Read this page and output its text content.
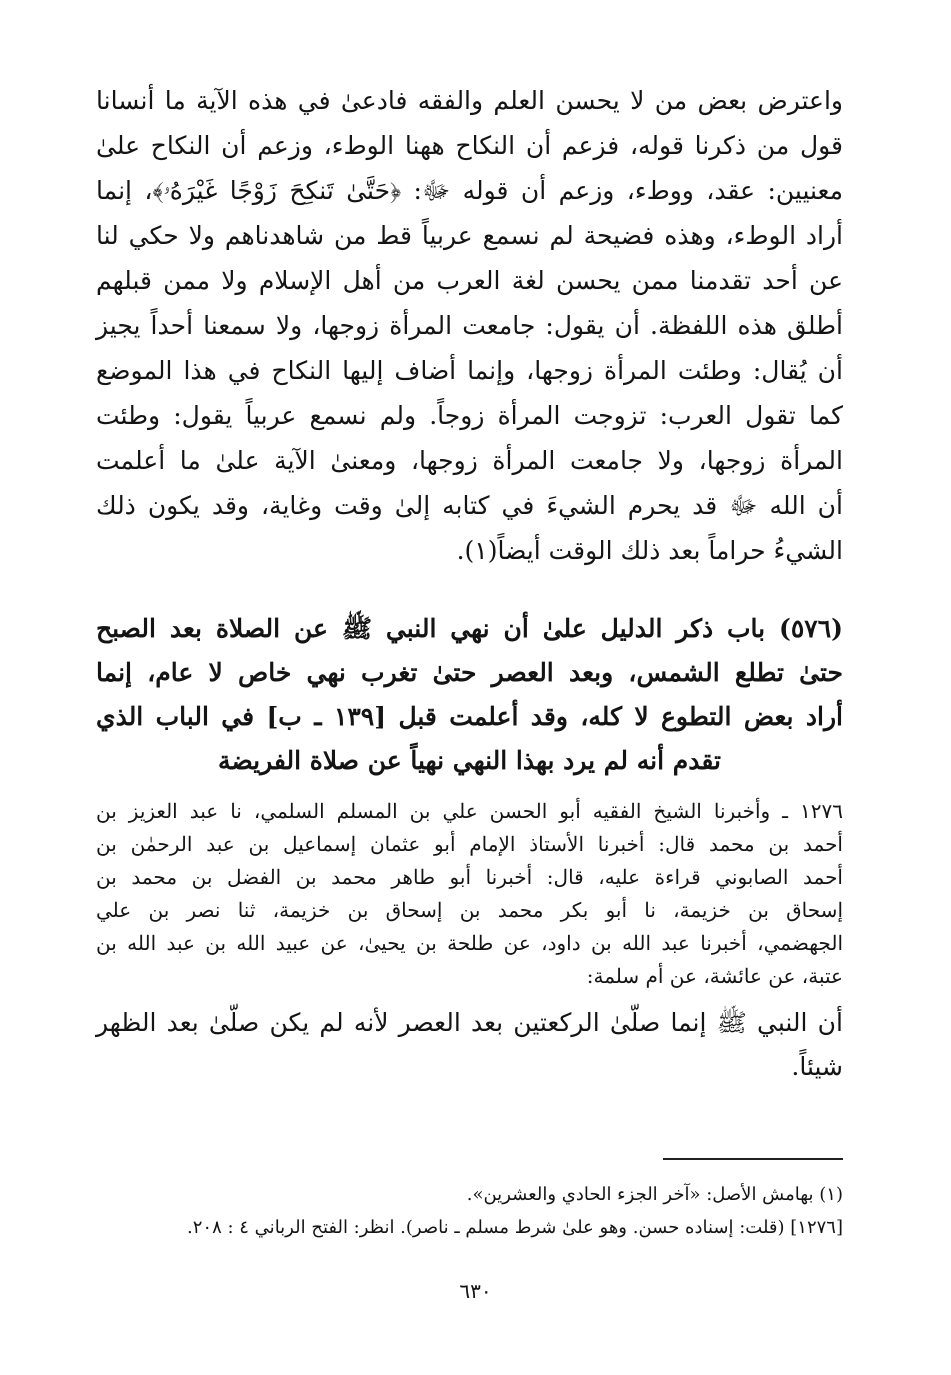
واعترض بعض من لا يحسن العلم والفقه فادعىٰ في هذه الآية ما أنسانا
قول من ذكرنا قوله، فزعم أن النكاح ههنا الوطء، وزعم أن النكاح علىٰ
معنيين: عقد، ووطء، وزعم أن قوله ﷻ: ﴿حَتَّىٰ تَنكِحَ زَوْجًا غَيْرَهُۥ﴾، إنما
أراد الوطء، وهذه فضيحة لم نسمع عربياً قط من شاهدناهم ولا حكي لنا
عن أحد تقدمنا ممن يحسن لغة العرب من أهل الإسلام ولا ممن قبلهم
أطلق هذه اللفظة. أن يقول: جامعت المرأة زوجها، ولا سمعنا أحداً يجيز
أن يُقال: وطئت المرأة زوجها، وإنما أضاف إليها النكاح في هذا الموضع
كما تقول العرب: تزوجت المرأة زوجاً. ولم نسمع عربياً يقول: وطئت
المرأة زوجها، ولا جامعت المرأة زوجها، ومعنىٰ الآية علىٰ ما أعلمت
أن الله ﷻ قد يحرم الشيءَ في كتابه إلىٰ وقت وغاية، وقد يكون ذلك
الشيءُ حراماً بعد ذلك الوقت أيضاً(١).

(٥٧٦) باب ذكر الدليل علىٰ أن نهي النبي ﷺ عن الصلاة بعد الصبح
حتىٰ تطلع الشمس، وبعد العصر حتىٰ تغرب نهي خاص لا عام، إنما
أراد بعض التطوع لا كله، وقد أعلمت قبل [١٣٩ ـ ب] في الباب الذي
تقدم أنه لم يرد بهذا النهي نهياً عن صلاة الفريضة
١٢٧٦ ـ وأخبرنا الشيخ الفقيه أبو الحسن علي بن المسلم السلمي، نا عبد العزيز بن
أحمد بن محمد قال: أخبرنا الأستاذ الإمام أبو عثمان إسماعيل بن عبد الرحمٰن بن
أحمد الصابوني قراءة عليه، قال: أخبرنا أبو طاهر محمد بن الفضل بن محمد بن
إسحاق بن خزيمة، نا أبو بكر محمد بن إسحاق بن خزيمة، ثنا نصر بن علي
الجهضمي، أخبرنا عبد الله بن داود، عن طلحة بن يحيىٰ، عن عبيد الله بن عبد الله بن
عتبة، عن عائشة، عن أم سلمة:
أن النبي ﷺ إنما صلّىٰ الركعتين بعد العصر لأنه لم يكن صلّىٰ بعد الظهر
شيئاً.
(١) بهامش الأصل: «آخر الجزء الحادي والعشرين».
[١٢٧٦] (قلت: إسناده حسن. وهو علىٰ شرط مسلم ـ ناصر). انظر: الفتح الرباني ٤ : ٢٠٨.
٦٣٠
